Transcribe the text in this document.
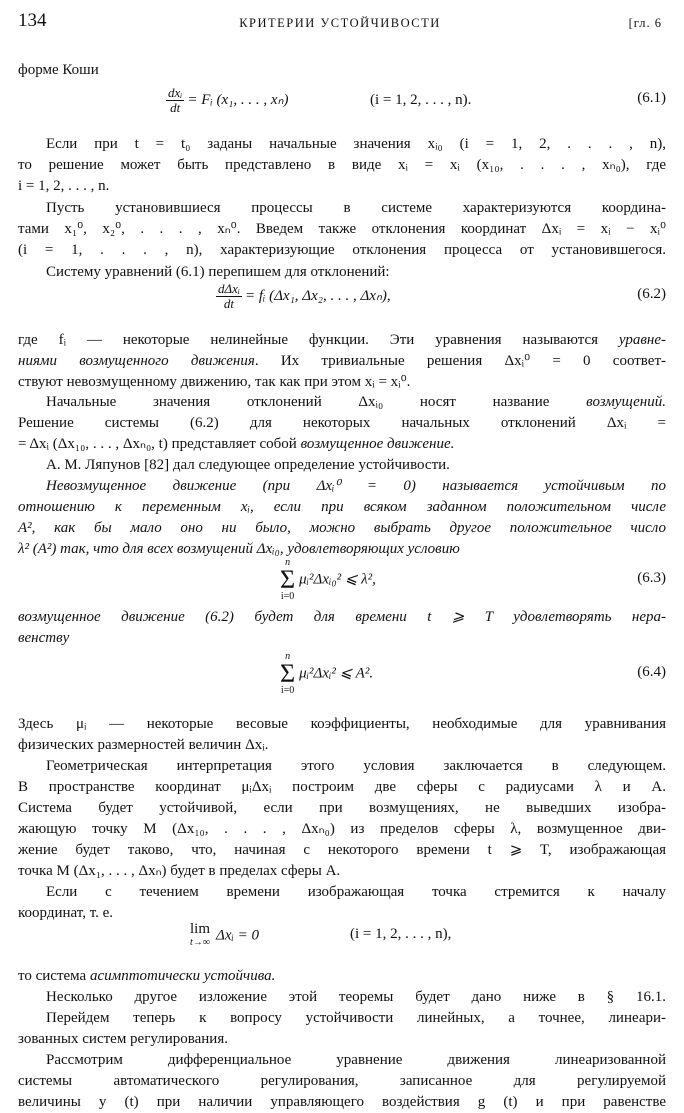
134	КРИТЕРИИ УСТОЙЧИВОСТИ	[гл. 6
форме Коши
$\frac{\text{dxᵢ}}{dt}$ = Fᵢ (x₁, . . . , xₙ)	(i = 1, 2, . . . , n).	(6.1)
Если при t = t₀ заданы начальные значения xᵢ₀ (i = 1, 2, . . . , n),
то решение может быть представлено в виде xᵢ = xᵢ (x₁₀, . . . , xₙ₀), где
i = 1, 2, . . . , n.
Пусть установившиеся процессы в системе характеризуются координа-
тами x₁⁰, x₂⁰, . . . , xₙ⁰. Введем также отклонения координат Δxᵢ = xᵢ − xᵢ⁰
(i = 1, . . . , n), характеризующие отклонения процесса от установившегося.
Систему уравнений (6.1) перепишем для отклонений:
$\frac{\text{dΔxᵢ}}{dt}$ = fᵢ (Δx₁, Δx₂, . . . , Δxₙ),	(6.2)
где fᵢ — некоторые нелинейные функции. Эти уравнения называются уравне-
ниями возмущенного движения. Их тривиальные решения Δxᵢ⁰ = 0 соответ-
ствуют невозмущенному движению, так как при этом xᵢ = xᵢ⁰.
Начальные значения отклонений Δxᵢ₀ носят название возмущений.
Решение системы (6.2) для некоторых начальных отклонений Δxᵢ =
= Δxᵢ (Δx₁₀, . . . , Δxₙ₀, t) представляет собой возмущенное движение.
А. М. Ляпунов [82] дал следующее определение устойчивости.
Невозмущенное движение (при Δxᵢ⁰ = 0) называется устойчивым по
отношению к переменным xᵢ, если при всяком заданном положительном числе
A², как бы мало оно ни было, можно выбрать другое положительное число
λ² (A²) так, что для всех возмущений Δxᵢ₀, удовлетворяющих условию
n
Σ
i=0
μᵢ²Δxᵢ₀² ⩽ λ²,	(6.3)
возмущенное движение (6.2) будет для времени t ⩾ T удовлетворять нера-
венству
n
Σ
i=0
μᵢ²Δxᵢ² ⩽ A².	(6.4)
Здесь μᵢ — некоторые весовые коэффициенты, необходимые для уравнивания
физических размерностей величин Δxᵢ.
Геометрическая интерпретация этого условия заключается в следующем.
В пространстве координат μᵢΔxᵢ построим две сферы с радиусами λ и A.
Система будет устойчивой, если при возмущениях, не выведших изобра-
жающую точку M (Δx₁₀, . . . , Δxₙ₀) из пределов сферы λ, возмущенное дви-
жение будет таково, что, начиная с некоторого времени t ⩾ T, изображающая
точка M (Δx₁, . . . , Δxₙ) будет в пределах сферы A.
Если с течением времени изображающая точка стремится к началу
координат, т. е.
lim
t→∞ Δxᵢ = 0	(i = 1, 2, . . . , n),
то система асимптотически устойчива.
Несколько другое изложение этой теоремы будет дано ниже в § 16.1.
Перейдем теперь к вопросу устойчивости линейных, а точнее, линеари-
зованных систем регулирования.
Рассмотрим дифференциальное уравнение движения линеаризованной
системы автоматического регулирования, записанное для регулируемой
величины y (t) при наличии управляющего воздействия g (t) и при равенстве
